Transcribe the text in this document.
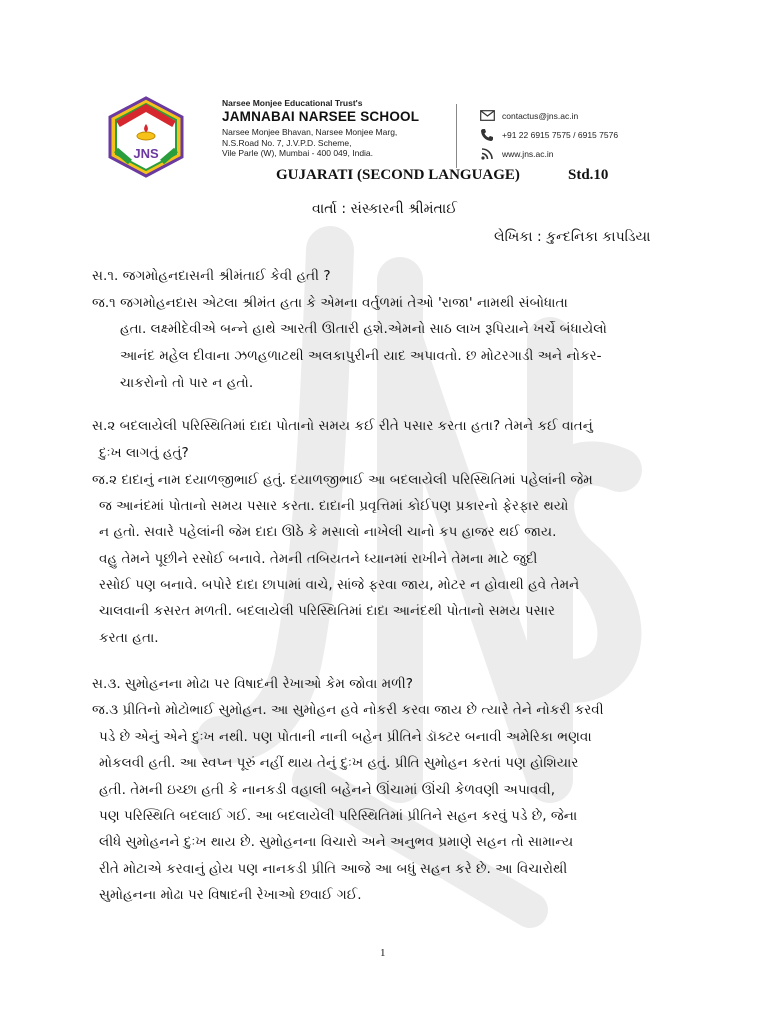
JNS
Narsee Monjee Educational Trust's
JAMNABAI NARSEE SCHOOL
Narsee Monjee Bhavan, Narsee Monjee Marg,
N.S.Road No. 7, J.V.P.D. Scheme,
Vile Parle (W), Mumbai - 400 049, India.
contactus@jns.ac.in
+91 22 6915 7575 / 6915 7576
www.jns.ac.in
GUJARATI (SECOND LANGUAGE)	Std.10
વાર્તા : સંસ્કારની શ્રીમંતાઈ
લેખિકા : કુન્દનિકા કાપડિયા
સ.૧. જગમોહનદાસની શ્રીમંતાઈ કેવી હતી ?
જ.૧ જગમોહનદાસ એટલા શ્રીમંત હતા કે એમના વર્તુળમાં તેઓ 'રાજા' નામથી સંબોધાતા
હતા. લક્ષ્મીદેવીએ બન્ને હાથે આરતી ઊતારી હશે.એમનો સાઠ લાખ રૂપિયાને ખર્ચે બંધાયેલો
આનંદ મહેલ દીવાના ઝળહળાટથી અલકાપુરીની યાદ અપાવતો. છ મોટરગાડી અને નોકર-
ચાકરોનો તો પાર ન હતો.
સ.૨ બદલાયેલી પરિસ્થિતિમાં દાદા પોતાનો સમય કઈ રીતે પસાર કરતા હતા? તેમને કઈ વાતનું
દુઃખ લાગતું હતું?
જ.૨ દાદાનું નામ દયાળજીભાઈ હતું. દયાળજીભાઈ આ બદલાયેલી પરિસ્થિતિમાં પહેલાંની જેમ
જ આનંદમાં પોતાનો સમય પસાર કરતા. દાદાની પ્રવૃત્તિમાં કોઈપણ પ્રકારનો ફેરફાર થયો
ન હતો. સવારે પહેલાંની જેમ દાદા ઊઠે કે મસાલો નાખેલી ચાનો કપ હાજર થઈ જાય.
વહુ તેમને પૂછીને રસોઈ બનાવે. તેમની તબિયતને ધ્યાનમાં રાખીને તેમના માટે જુદી
રસોઈ પણ બનાવે. બપોરે દાદા છાપામાં વાચે, સાંજે ફરવા જાય, મોટર ન હોવાથી હવે તેમને
ચાલવાની કસરત મળતી. બદલાયેલી પરિસ્થિતિમાં દાદા આનંદથી પોતાનો સમય પસાર
કરતા હતા.
સ.૩. સુમોહનના મોઢા પર વિષાદની રેખાઓ કેમ જોવા મળી?
જ.૩ પ્રીતિનો મોટોભાઈ સુમોહન. આ સુમોહન હવે નોકરી કરવા જાય છે ત્યારે તેને નોકરી કરવી
પડે છે એનું એને દુઃખ નથી. પણ પોતાની નાની બહેન પ્રીતિને ડૉક્ટર બનાવી અમેરિકા ભણવા
મોકલવી હતી. આ સ્વપ્ન પૂરું નહીં થાય તેનું દુઃખ હતું. પ્રીતિ સુમોહન કરતાં પણ હોશિયાર
હતી. તેમની ઇચ્છા હતી કે નાનકડી વહાલી બહેનને ઊંચામાં ઊંચી કેળવણી અપાવવી,
પણ પરિસ્થિતિ બદલાઈ ગઈ. આ બદલાયેલી પરિસ્થિતિમાં પ્રીતિને સહન કરવું પડે છે, જેના
લીધે સુમોહનને દુઃખ થાય છે. સુમોહનના વિચારો અને અનુભવ પ્રમાણે સહન તો સામાન્ય
રીતે મોટાએ કરવાનું હોય પણ નાનકડી પ્રીતિ આજે આ બધું સહન કરે છે. આ વિચારોથી
સુમોહનના મોઢા પર વિષાદની રેખાઓ છવાઈ ગઈ.
1
